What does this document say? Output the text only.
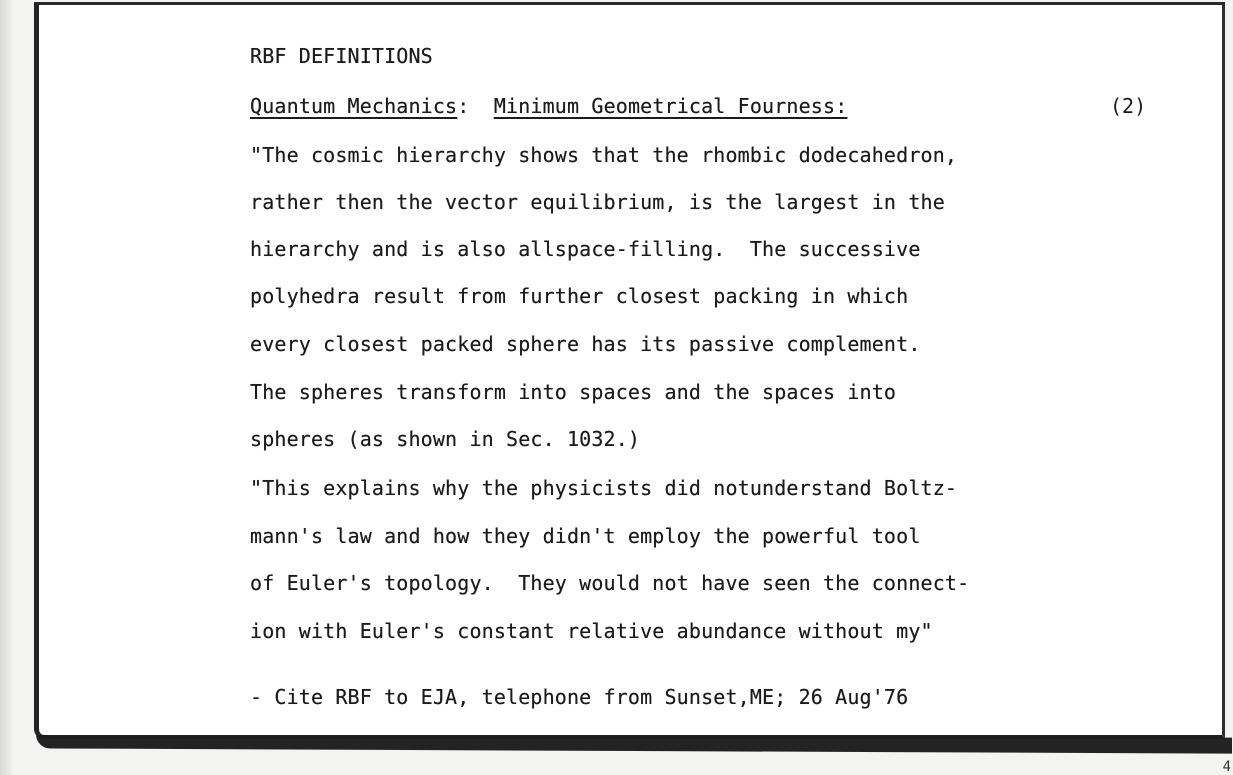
RBF DEFINITIONS
Quantum Mechanics: Minimum Geometrical Fourness:	(2)
"The cosmic hierarchy shows that the rhombic dodecahedron,
rather then the vector equilibrium, is the largest in the
hierarchy and is also allspace-filling.  The successive
polyhedra result from further closest packing in which
every closest packed sphere has its passive complement.
The spheres transform into spaces and the spaces into
spheres (as shown in Sec. 1032.)
"This explains why the physicists did notunderstand Boltz-
mann's law and how they didn't employ the powerful tool
of Euler's topology.  They would not have seen the connect-
ion with Euler's constant relative abundance without my"
- Cite RBF to EJA, telephone from Sunset,ME; 26 Aug'76
4
